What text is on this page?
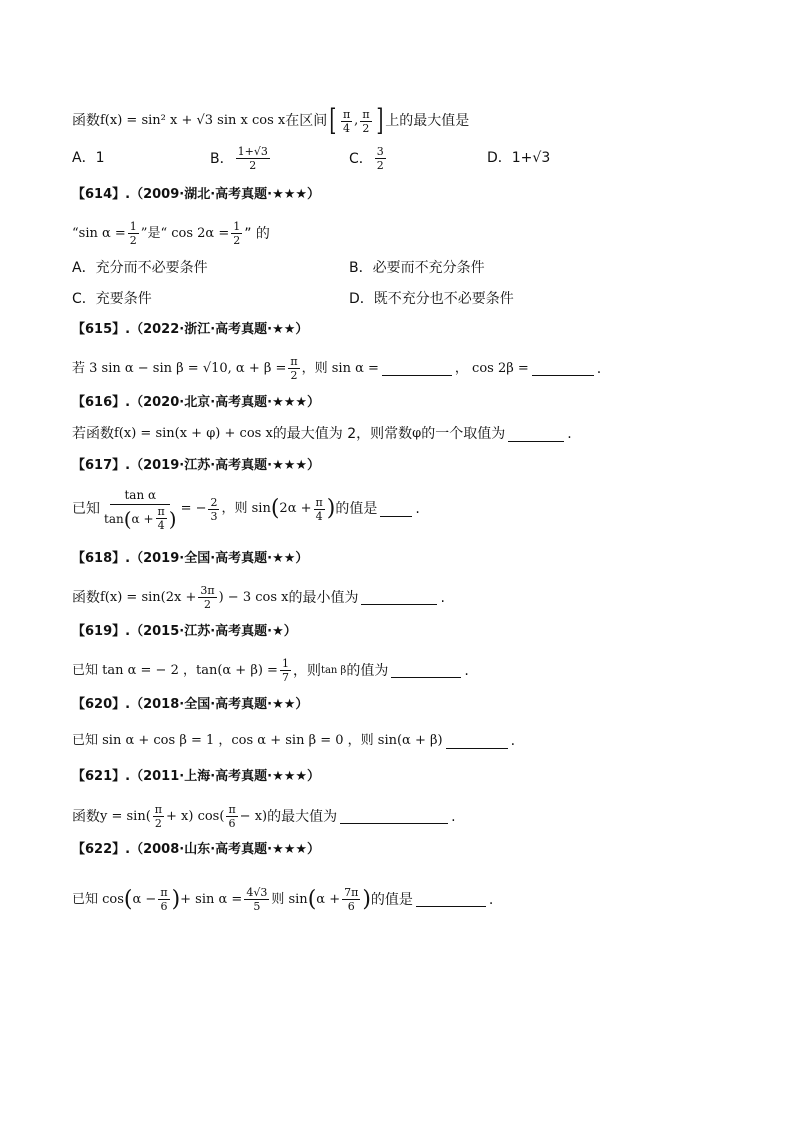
函数 f(x) = sin² x + √3 sin x cos x 在区间 [ $\frac{\pi}{4}$ , $\frac{\pi}{2}$ ] 上的最大值是
A．1	B． $\frac{1+√3}{2}$	C． $\frac{3}{2}$	D．1+√3
【614】.（2009·湖北·高考真题·★★★）
“sin $\alpha = \frac{1}{2}$ ”是“ $\cos 2\alpha = \frac{1}{2}$ ” 的
A．充分而不必要条件	B．必要而不充分条件
C．充要条件	D．既不充分也不必要条件
【615】.（2022·浙江·高考真题·★★）
若 3 sin α − sin β = √10, $\alpha + \beta = \frac{\pi}{2}$ ，则 sin α =	， cos 2β =	.
【616】.（2020·北京·高考真题·★★★）
若函数 f(x) = sin(x + φ) + cos x 的最大值为 2，则常数 φ 的一个取值为	.
【617】.（2019·江苏·高考真题·★★★）
已知 $\frac{\text{tan α}}{\tan ( \alpha + \frac{\pi}{4} )}$ = − $\frac{2}{3}$ ，则 sin ( $2\alpha + \frac{\pi}{4}$ ) 的值是	.
【618】.（2019·全国·高考真题·★★）
函数 $f(x) = \sin(2x + \frac{3\pi}{2}$ ) − 3 cos x 的最小值为	.
【619】.（2015·江苏·高考真题·★）
已知 tan α = − 2 ，$\tan(\alpha + \beta) = \frac{1}{7}$ ，则 tan β 的值为	.
【620】.（2018·全国·高考真题·★★）
已知 sin α + cos β = 1 ，cos α + sin β = 0 ，则 sin(α + β)	.
【621】.（2011·上海·高考真题·★★★）
函数 $y = \sin( \frac{\pi}{2} + x)$ $\cos( \frac{\pi}{6} - x)$ 的最大值为	.
【622】.（2008·山东·高考真题·★★★）
已知 cos ( $\alpha - \frac{\pi}{6}$ ) + $\sin \alpha = \frac{4√3}{5}$ 则 sin ( $\alpha + \frac{7\pi}{6}$ ) 的值是	.
